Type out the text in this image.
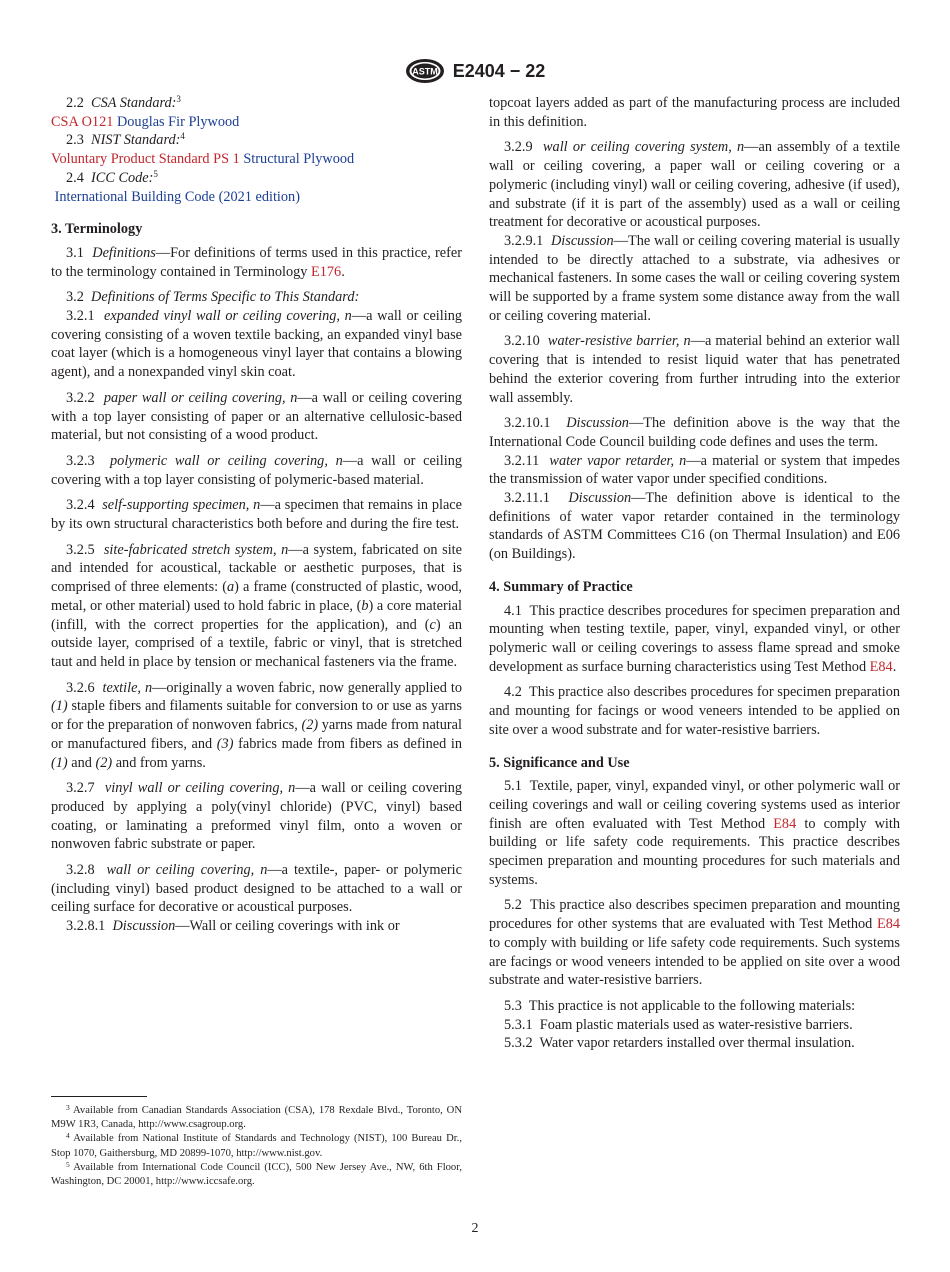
ASTM E2404 − 22

2.2 CSA Standard:$^3$

CSA O121 Douglas Fir Plywood

2.3 NIST Standard:$^4$

Voluntary Product Standard PS 1 Structural Plywood

2.4 ICC Code:$^5$

International Building Code (2021 edition)

3. Terminology

3.1 Definitions—For definitions of terms used in this practice, refer to the terminology contained in Terminology E176.

3.2 Definitions of Terms Specific to This Standard:

3.2.1 expanded vinyl wall or ceiling covering, n—a wall or ceiling covering consisting of a woven textile backing, an expanded vinyl base coat layer (which is a homogeneous vinyl layer that contains a blowing agent), and a nonexpanded vinyl skin coat.

3.2.2 paper wall or ceiling covering, n—a wall or ceiling covering with a top layer consisting of paper or an alternative cellulosic-based material, but not consisting of a wood product.

3.2.3 polymeric wall or ceiling covering, n—a wall or ceiling covering with a top layer consisting of polymeric-based material.

3.2.4 self-supporting specimen, n—a specimen that remains in place by its own structural characteristics both before and during the fire test.

3.2.5 site-fabricated stretch system, n—a system, fabricated on site and intended for acoustical, tackable or aesthetic purposes, that is comprised of three elements: (a) a frame (constructed of plastic, wood, metal, or other material) used to hold fabric in place, (b) a core material (infill, with the correct properties for the application), and (c) an outside layer, comprised of a textile, fabric or vinyl, that is stretched taut and held in place by tension or mechanical fasteners via the frame.

3.2.6 textile, n—originally a woven fabric, now generally applied to (1) staple fibers and filaments suitable for conversion to or use as yarns or for the preparation of nonwoven fabrics, (2) yarns made from natural or manufactured fibers, and (3) fabrics made from fibers as defined in (1) and (2) and from yarns.

3.2.7 vinyl wall or ceiling covering, n—a wall or ceiling covering produced by applying a poly(vinyl chloride) (PVC, vinyl) based coating, or laminating a preformed vinyl film, onto a woven or nonwoven fabric substrate or paper.

3.2.8 wall or ceiling covering, n—a textile-, paper- or polymeric (including vinyl) based product designed to be attached to a wall or ceiling surface for decorative or acoustical purposes.

3.2.8.1 Discussion—Wall or ceiling coverings with ink or

$^3$ Available from Canadian Standards Association (CSA), 178 Rexdale Blvd., Toronto, ON M9W 1R3, Canada, http://www.csagroup.org.

$^4$ Available from National Institute of Standards and Technology (NIST), 100 Bureau Dr., Stop 1070, Gaithersburg, MD 20899-1070, http://www.nist.gov.

$^5$ Available from International Code Council (ICC), 500 New Jersey Ave., NW, 6th Floor, Washington, DC 20001, http://www.iccsafe.org.

topcoat layers added as part of the manufacturing process are included in this definition.

3.2.9 wall or ceiling covering system, n—an assembly of a textile wall or ceiling covering, a paper wall or ceiling covering or a polymeric (including vinyl) wall or ceiling covering, adhesive (if used), and substrate (if it is part of the assembly) used as a wall or ceiling treatment for decorative or acoustical purposes.

3.2.9.1 Discussion—The wall or ceiling covering material is usually intended to be directly attached to a substrate, via adhesives or mechanical fasteners. In some cases the wall or ceiling covering system will be supported by a frame system some distance away from the wall or ceiling covering material.

3.2.10 water-resistive barrier, n—a material behind an exterior wall covering that is intended to resist liquid water that has penetrated behind the exterior covering from further intruding into the exterior wall assembly.

3.2.10.1 Discussion—The definition above is the way that the International Code Council building code defines and uses the term.

3.2.11 water vapor retarder, n—a material or system that impedes the transmission of water vapor under specified conditions.

3.2.11.1 Discussion—The definition above is identical to the definitions of water vapor retarder contained in the terminology standards of ASTM Committees C16 (on Thermal Insulation) and E06 (on Buildings).

4. Summary of Practice

4.1 This practice describes procedures for specimen preparation and mounting when testing textile, paper, vinyl, expanded vinyl, or other polymeric wall or ceiling coverings to assess flame spread and smoke development as surface burning characteristics using Test Method E84.

4.2 This practice also describes procedures for specimen preparation and mounting for facings or wood veneers intended to be applied on site over a wood substrate and for water-resistive barriers.

5. Significance and Use

5.1 Textile, paper, vinyl, expanded vinyl, or other polymeric wall or ceiling coverings and wall or ceiling covering systems used as interior finish are often evaluated with Test Method E84 to comply with building or life safety code requirements. This practice describes specimen preparation and mounting procedures for such materials and systems.

5.2 This practice also describes specimen preparation and mounting procedures for other systems that are evaluated with Test Method E84 to comply with building or life safety code requirements. Such systems are facings or wood veneers intended to be applied on site over a wood substrate and water-resistive barriers.

5.3 This practice is not applicable to the following materials:

5.3.1 Foam plastic materials used as water-resistive barriers.

5.3.2 Water vapor retarders installed over thermal insulation.

2
